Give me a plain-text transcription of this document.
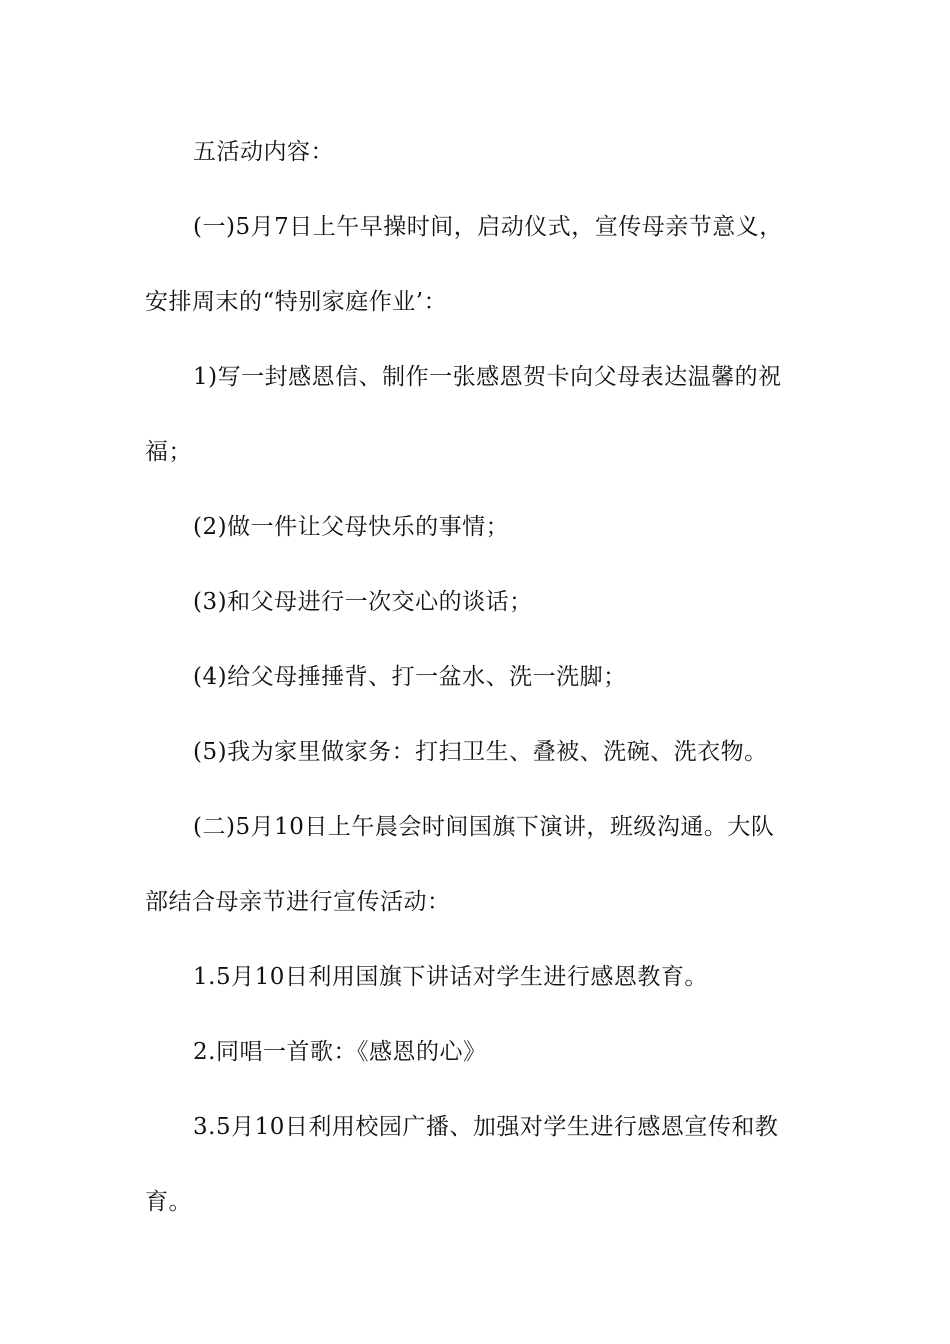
五活动内容：
(一)5月7日上午早操时间，启动仪式，宣传母亲节意义，
安排周末的“特别家庭作业’：
1)写一封感恩信、制作一张感恩贺卡向父母表达温馨的祝
福；
(2)做一件让父母快乐的事情；
(3)和父母进行一次交心的谈话；
(4)给父母捶捶背、打一盆水、洗一洗脚；
(5)我为家里做家务：打扫卫生、叠被、洗碗、洗衣物。
(二)5月10日上午晨会时间国旗下演讲，班级沟通。大队
部结合母亲节进行宣传活动：
1.5月10日利用国旗下讲话对学生进行感恩教育。
2.同唱一首歌：《感恩的心》
3.5月10日利用校园广播、加强对学生进行感恩宣传和教
育。
